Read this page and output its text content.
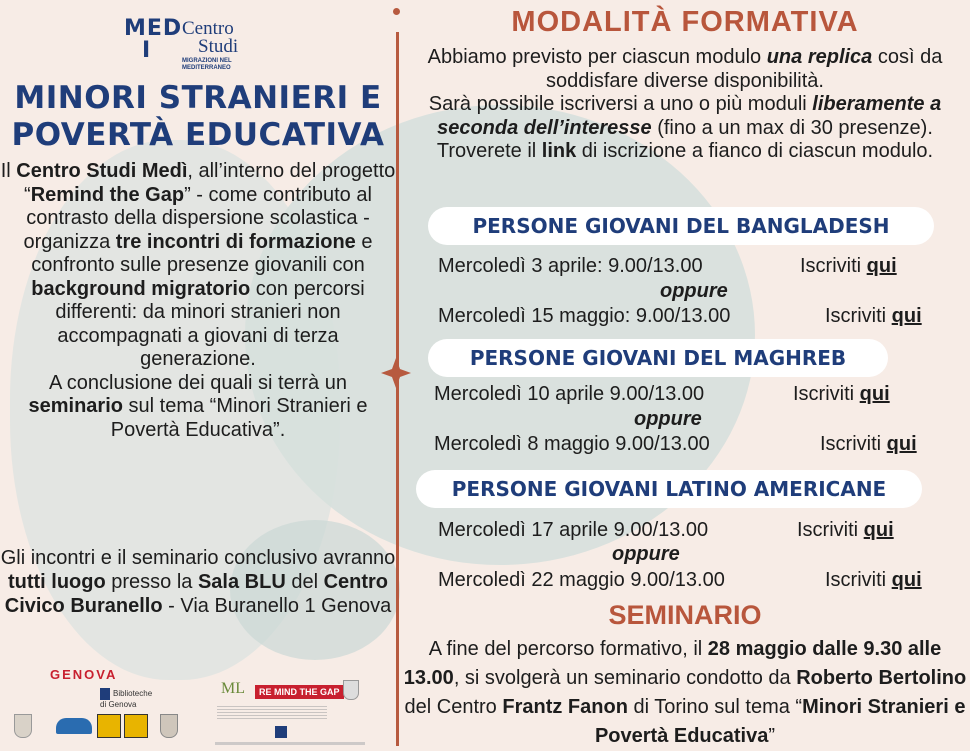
MED
I
Centro
Studi
MIGRAZIONI NEL MEDITERRANEO
MINORI STRANIERI E
POVERTÀ EDUCATIVA
Il Centro Studi Medì, all’interno del progetto “Remind the Gap” - come contributo al contrasto della dispersione scolastica - organizza tre incontri di formazione e confronto sulle presenze giovanili con background migratorio con percorsi differenti: da minori stranieri non accompagnati a giovani di terza generazione.
A conclusione dei quali si terrà un seminario sul tema “Minori Stranieri e Povertà Educativa”.
Gli incontri e il seminario conclusivo avranno tutti luogo presso la Sala BLU del Centro Civico Buranello - Via Buranello 1 Genova
GENOVA
Biblioteche di Genova
ML	RE MIND THE GAP
MODALITÀ FORMATIVA
Abbiamo previsto per ciascun modulo una replica così da soddisfare diverse disponibilità.
Sarà possibile iscriversi a uno o più moduli liberamente a seconda dell’interesse (fino a un max di 30 presenze). Troverete il link di iscrizione a fianco di ciascun modulo.
PERSONE GIOVANI DEL BANGLADESH
Mercoledì 3 aprile: 9.00/13.00	Iscriviti qui
oppure
Mercoledì 15 maggio: 9.00/13.00	Iscriviti qui
PERSONE GIOVANI DEL MAGHREB
Mercoledì 10 aprile 9.00/13.00	Iscriviti qui
oppure
Mercoledì 8 maggio 9.00/13.00	Iscriviti qui
PERSONE GIOVANI LATINO AMERICANE
Mercoledì 17 aprile 9.00/13.00	Iscriviti qui
oppure
Mercoledì 22 maggio 9.00/13.00	Iscriviti qui
SEMINARIO
A fine del percorso formativo, il 28 maggio dalle 9.30 alle 13.00, si svolgerà un seminario condotto da Roberto Bertolino del Centro Frantz Fanon di Torino sul tema “Minori Stranieri e Povertà Educativa”
